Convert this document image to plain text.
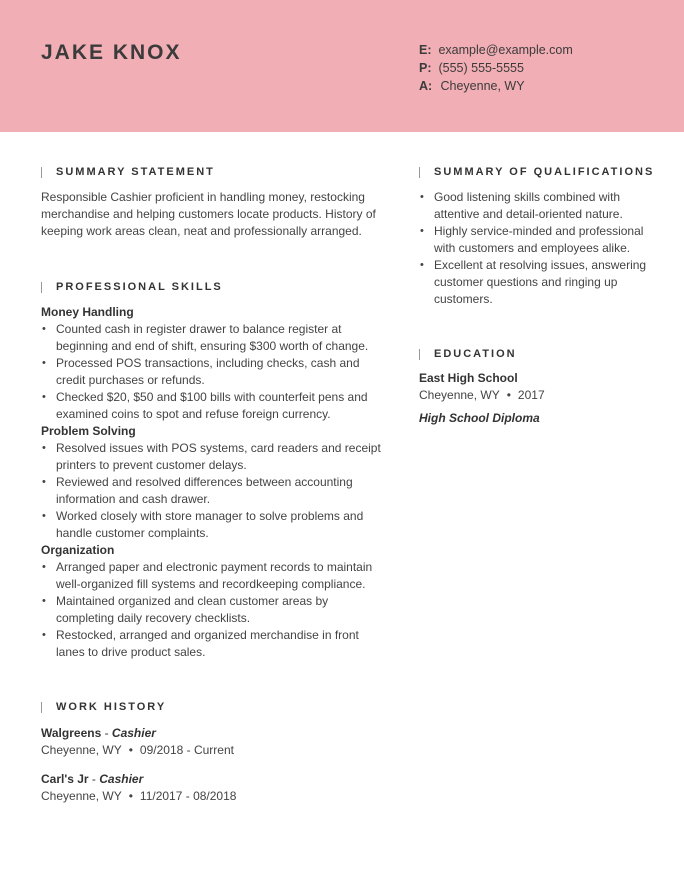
JAKE KNOX	E: example@example.com
P: (555) 555-5555
A: Cheyenne, WY
SUMMARY STATEMENT
Responsible Cashier proficient in handling money, restocking merchandise and helping customers locate products. History of keeping work areas clean, neat and professionally arranged.
PROFESSIONAL SKILLS
Money Handling
• Counted cash in register drawer to balance register at beginning and end of shift, ensuring $300 worth of change.
• Processed POS transactions, including checks, cash and credit purchases or refunds.
• Checked $20, $50 and $100 bills with counterfeit pens and examined coins to spot and refuse foreign currency.
Problem Solving
• Resolved issues with POS systems, card readers and receipt printers to prevent customer delays.
• Reviewed and resolved differences between accounting information and cash drawer.
• Worked closely with store manager to solve problems and handle customer complaints.
Organization
• Arranged paper and electronic payment records to maintain well-organized fill systems and recordkeeping compliance.
• Maintained organized and clean customer areas by completing daily recovery checklists.
• Restocked, arranged and organized merchandise in front lanes to drive product sales.
WORK HISTORY
Walgreens - Cashier
Cheyenne, WY • 09/2018 - Current
Carl's Jr - Cashier
Cheyenne, WY • 11/2017 - 08/2018
SUMMARY OF QUALIFICATIONS
• Good listening skills combined with attentive and detail-oriented nature.
• Highly service-minded and professional with customers and employees alike.
• Excellent at resolving issues, answering customer questions and ringing up customers.
EDUCATION
East High School
Cheyenne, WY • 2017
High School Diploma
